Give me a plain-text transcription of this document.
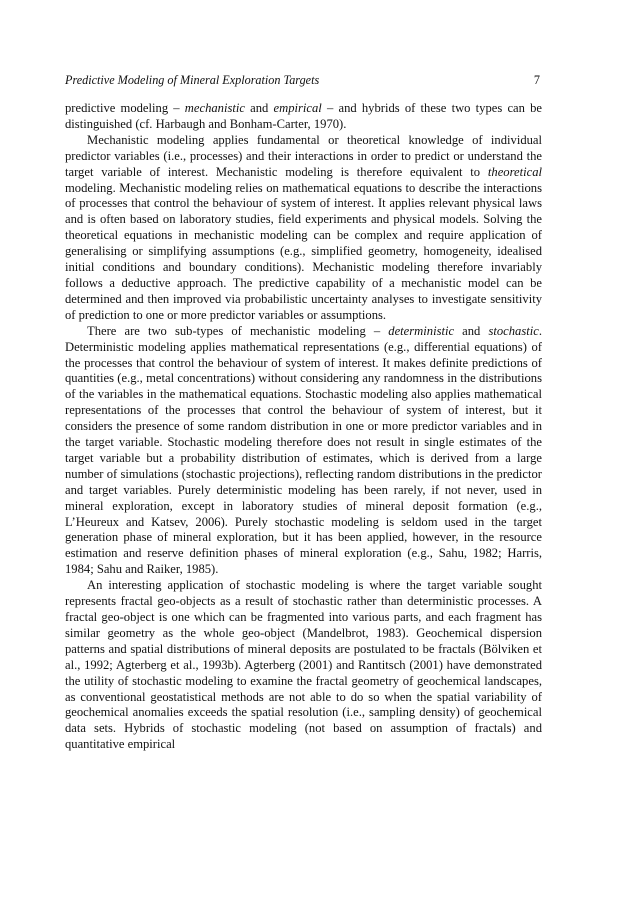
Predictive Modeling of Mineral Exploration Targets	7

predictive modeling – mechanistic and empirical – and hybrids of these two types can be distinguished (cf. Harbaugh and Bonham-Carter, 1970).

Mechanistic modeling applies fundamental or theoretical knowledge of individual predictor variables (i.e., processes) and their interactions in order to predict or understand the target variable of interest. Mechanistic modeling is therefore equivalent to theoretical modeling. Mechanistic modeling relies on mathematical equations to describe the interactions of processes that control the behaviour of system of interest. It applies relevant physical laws and is often based on laboratory studies, field experiments and physical models. Solving the theoretical equations in mechanistic modeling can be complex and require application of generalising or simplifying assumptions (e.g., simplified geometry, homogeneity, idealised initial conditions and boundary conditions). Mechanistic modeling therefore invariably follows a deductive approach. The predictive capability of a mechanistic model can be determined and then improved via probabilistic uncertainty analyses to investigate sensitivity of prediction to one or more predictor variables or assumptions.

There are two sub-types of mechanistic modeling – deterministic and stochastic. Deterministic modeling applies mathematical representations (e.g., differential equations) of the processes that control the behaviour of system of interest. It makes definite predictions of quantities (e.g., metal concentrations) without considering any randomness in the distributions of the variables in the mathematical equations. Stochastic modeling also applies mathematical representations of the processes that control the behaviour of system of interest, but it considers the presence of some random distribution in one or more predictor variables and in the target variable. Stochastic modeling therefore does not result in single estimates of the target variable but a probability distribution of estimates, which is derived from a large number of simulations (stochastic projections), reflecting random distributions in the predictor and target variables. Purely deterministic modeling has been rarely, if not never, used in mineral exploration, except in laboratory studies of mineral deposit formation (e.g., L’Heureux and Katsev, 2006). Purely stochastic modeling is seldom used in the target generation phase of mineral exploration, but it has been applied, however, in the resource estimation and reserve definition phases of mineral exploration (e.g., Sahu, 1982; Harris, 1984; Sahu and Raiker, 1985).

An interesting application of stochastic modeling is where the target variable sought represents fractal geo-objects as a result of stochastic rather than deterministic processes. A fractal geo-object is one which can be fragmented into various parts, and each fragment has similar geometry as the whole geo-object (Mandelbrot, 1983). Geochemical dispersion patterns and spatial distributions of mineral deposits are postulated to be fractals (Bölviken et al., 1992; Agterberg et al., 1993b). Agterberg (2001) and Rantitsch (2001) have demonstrated the utility of stochastic modeling to examine the fractal geometry of geochemical landscapes, as conventional geostatistical methods are not able to do so when the spatial variability of geochemical anomalies exceeds the spatial resolution (i.e., sampling density) of geochemical data sets. Hybrids of stochastic modeling (not based on assumption of fractals) and quantitative empirical
